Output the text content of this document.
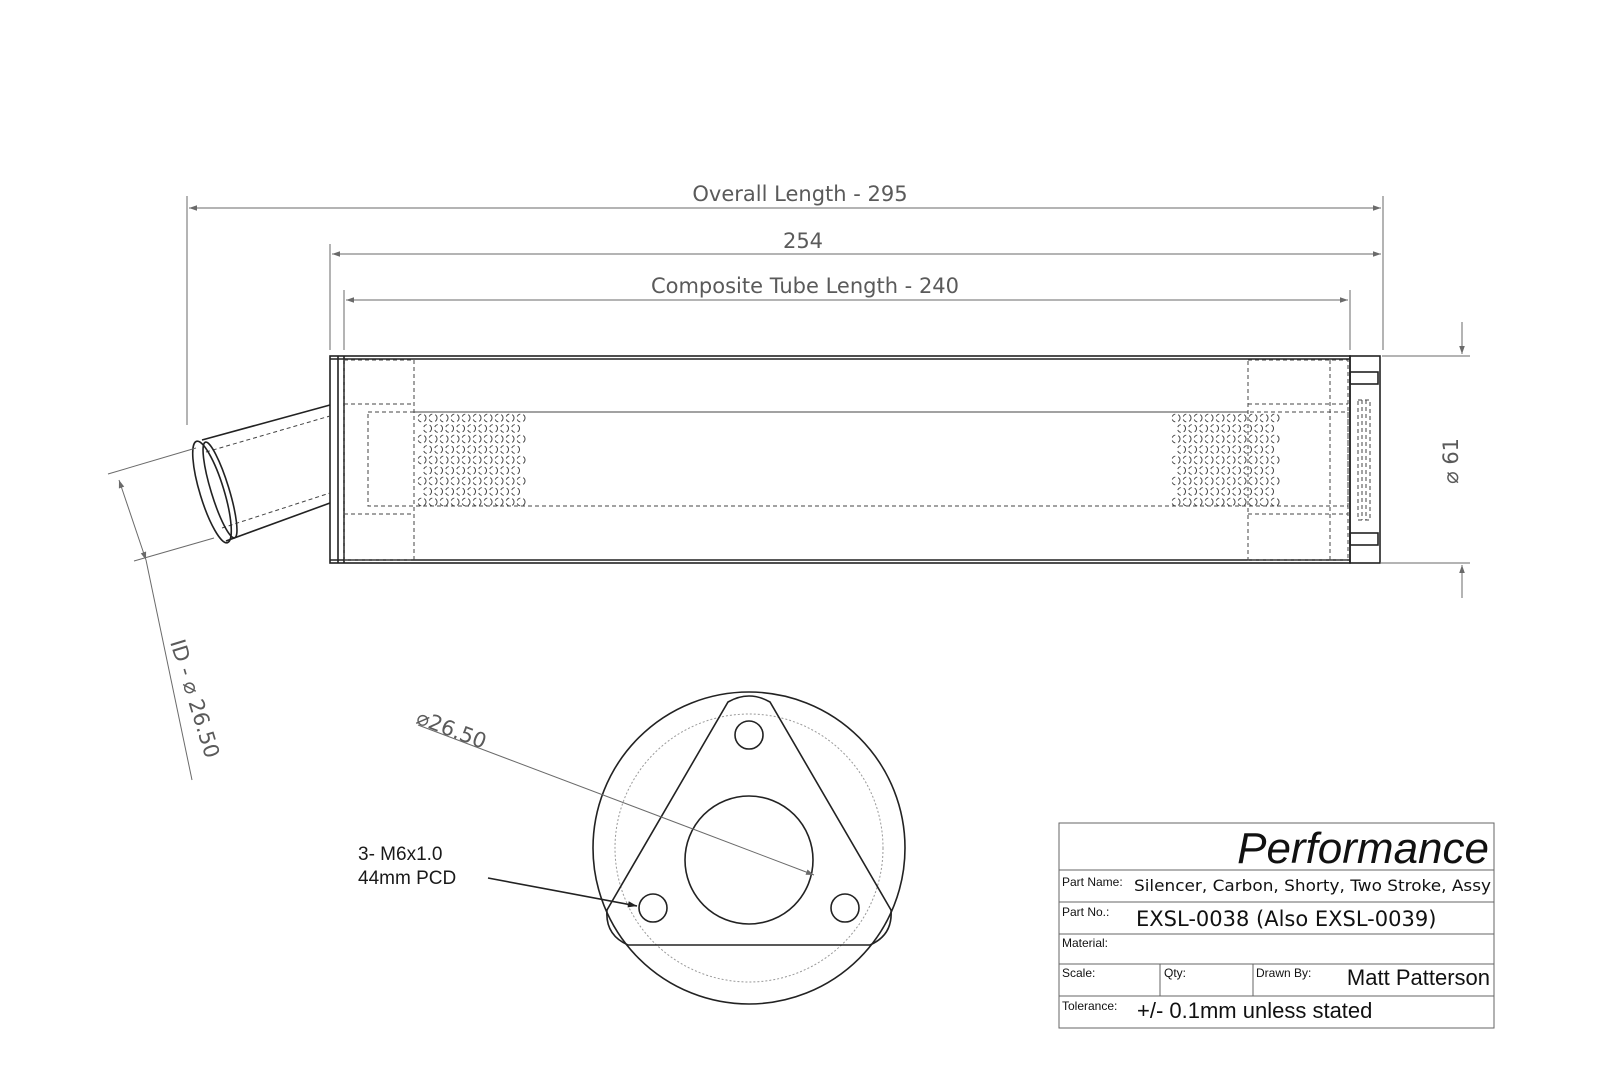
Overall Length - 295
254
Composite Tube Length - 240
ID - ⌀ 26.50
⌀ 61
⌀26.50
3- M6x1.0
44mm PCD
Performance
Part Name: Silencer, Carbon, Shorty, Two Stroke, Assy
Part No.: EXSL-0038 (Also EXSL-0039)
Material:
Scale:	Qty:	Drawn By: Matt Patterson
Tolerance: +/- 0.1mm unless stated
